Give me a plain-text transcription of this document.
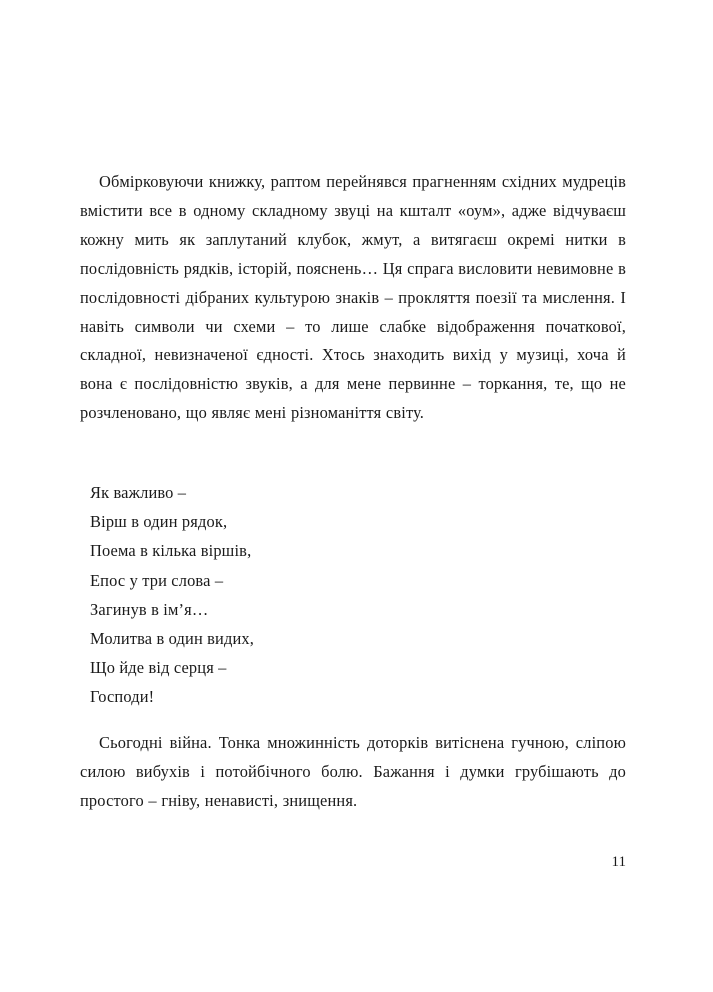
Обмірковуючи книжку, раптом перейнявся прагненням східних мудреців вмістити все в одному складному звуці на кшталт «оум», адже відчуваєш кожну мить як заплутаний клубок, жмут, а витягаєш окремі нитки в послідовність рядків, історій, пояснень… Ця спрага висловити невимовне в послідовності дібраних культурою знаків – прокляття поезії та мислення. І навіть символи чи схеми – то лише слабке відображення початкової, складної, невизначеної єдності. Хтось знаходить вихід у музиці, хоча й вона є послідовністю звуків, а для мене первинне – торкання, те, що не розчленовано, що являє мені різноманіття світу.

Як важливо –
Вірш в один рядок,
Поема в кілька віршів,
Епос у три слова –
Загинув в ім’я…
Молитва в один видих,
Що йде від серця –
Господи!

Сьогодні війна. Тонка множинність доторків витіснена гучною, сліпою силою вибухів і потойбічного болю. Бажання і думки грубішають до простого – гніву, ненависті, знищення.

11
